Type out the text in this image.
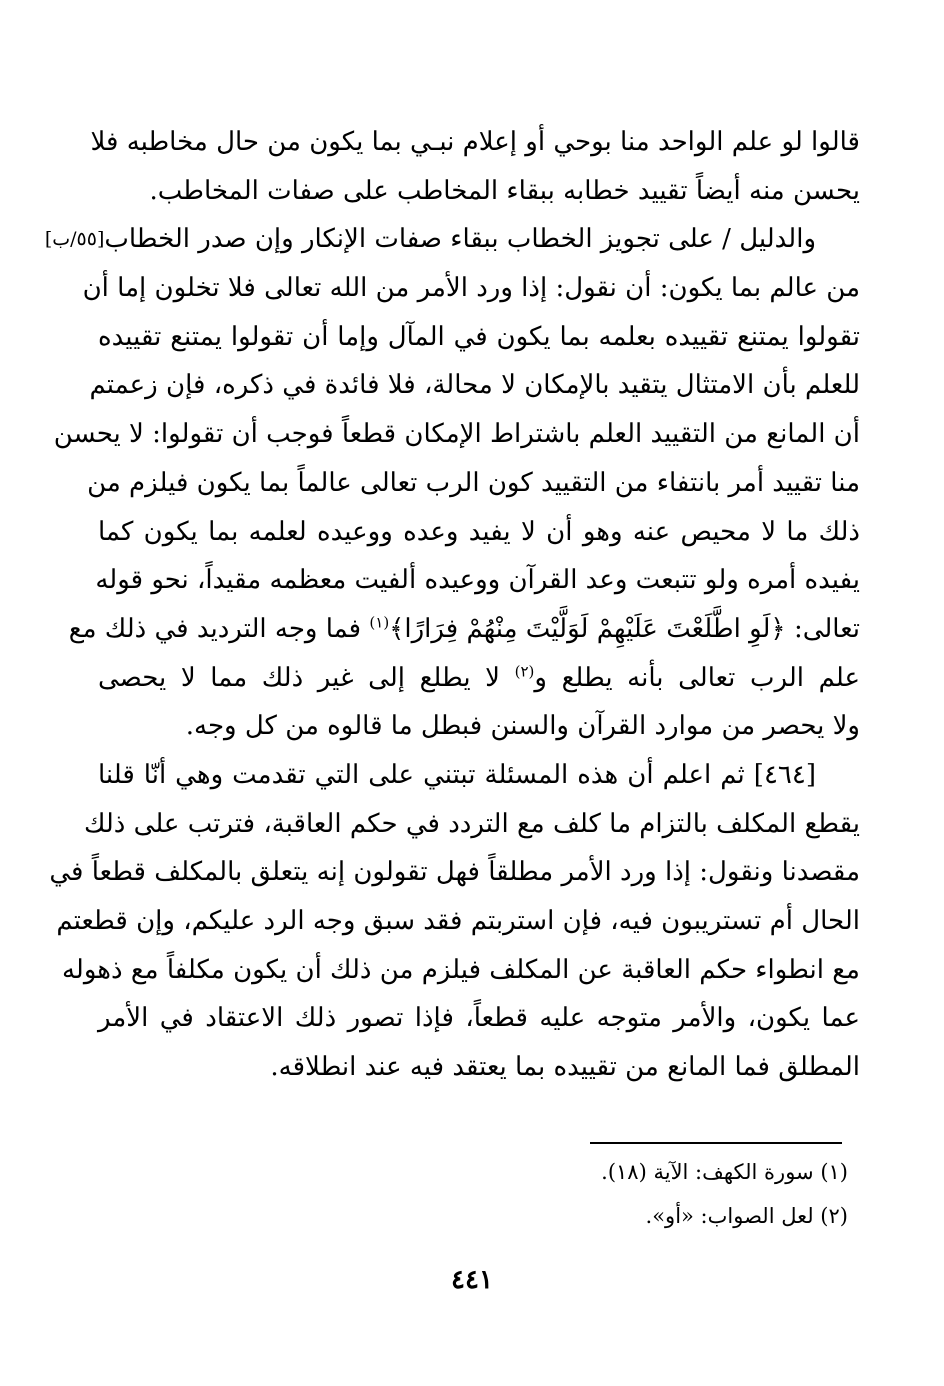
قالوا لو علم الواحد منا بوحي أو إعلام نبـي بما يكون من حال مخاطبه فلا
يحسن منه أيضاً تقييد خطابه ببقاء المخاطب على صفات المخاطب.
والدليل / على تجويز الخطاب ببقاء صفات الإنكار وإن صدر الخطاب[٥٥/ب]
من عالم بما يكون: أن نقول: إذا ورد الأمر من الله تعالى فلا تخلون إما أن
تقولوا يمتنع تقييده بعلمه بما يكون في المآل وإما أن تقولوا يمتنع تقييده
للعلم بأن الامتثال يتقيد بالإمكان لا محالة، فلا فائدة في ذكره، فإن زعمتم
أن المانع من التقييد العلم باشتراط الإمكان قطعاً فوجب أن تقولوا: لا يحسن
منا تقييد أمر بانتفاء من التقييد كون الرب تعالى عالماً بما يكون فيلزم من
ذلك ما لا محيص عنه وهو أن لا يفيد وعده ووعيده لعلمه بما يكون كما
يفيده أمره ولو تتبعت وعد القرآن ووعيده ألفيت معظمه مقيداً، نحو قوله
تعالى: ﴿لَوِ اطَّلَعْتَ عَلَيْهِمْ لَوَلَّيْتَ مِنْهُمْ فِرَارًا﴾$^{(١)}$ فما وجه الترديد في ذلك مع
علم الرب تعالى بأنه يطلع و$^{(٢)}$ لا يطلع إلى غير ذلك مما لا يحصى
ولا يحصر من موارد القرآن والسنن فبطل ما قالوه من كل وجه.
[٤٦٤] ثم اعلم أن هذه المسئلة تبتني على التي تقدمت وهي أنّا قلنا
يقطع المكلف بالتزام ما كلف مع التردد في حكم العاقبة، فترتب على ذلك
مقصدنا ونقول: إذا ورد الأمر مطلقاً فهل تقولون إنه يتعلق بالمكلف قطعاً في
الحال أم تستريبون فيه، فإن استربتم فقد سبق وجه الرد عليكم، وإن قطعتم
مع انطواء حكم العاقبة عن المكلف فيلزم من ذلك أن يكون مكلفاً مع ذهوله
عما يكون، والأمر متوجه عليه قطعاً، فإذا تصور ذلك الاعتقاد في الأمر
المطلق فما المانع من تقييده بما يعتقد فيه عند انطلاقه.
(١) سورة الكهف: الآية (١٨).
(٢) لعل الصواب: «أو».
٤٤١
